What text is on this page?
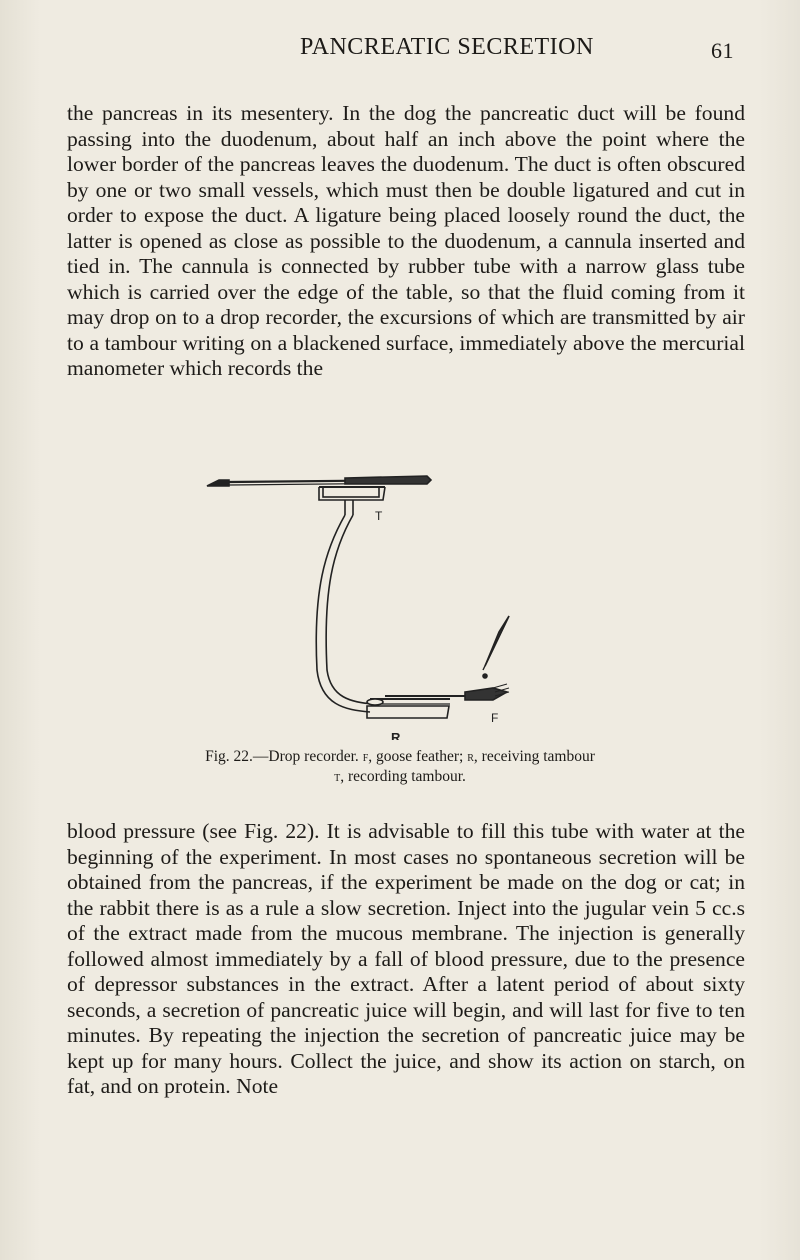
PANCREATIC SECRETION	61

the pancreas in its mesentery. In the dog the pancreatic duct will be found passing into the duodenum, about half an inch above the point where the lower border of the pancreas leaves the duodenum. The duct is often obscured by one or two small vessels, which must then be double ligatured and cut in order to expose the duct. A ligature being placed loosely round the duct, the latter is opened as close as possible to the duodenum, a cannula inserted and tied in. The cannula is connected by rubber tube with a narrow glass tube which is carried over the edge of the table, so that the fluid coming from it may drop on to a drop recorder, the excursions of which are transmitted by air to a tambour writing on a blackened surface, immediately above the mercurial manometer which records the

T
R
F
Fig. 22.—Drop recorder. f, goose feather; r, receiving tambour
t, recording tambour.

blood pressure (see Fig. 22). It is advisable to fill this tube with water at the beginning of the experiment. In most cases no spontaneous secretion will be obtained from the pancreas, if the experiment be made on the dog or cat; in the rabbit there is as a rule a slow secretion. Inject into the jugular vein 5 cc.s of the extract made from the mucous membrane. The injection is generally followed almost immediately by a fall of blood pressure, due to the presence of depressor substances in the extract. After a latent period of about sixty seconds, a secretion of pancreatic juice will begin, and will last for five to ten minutes. By repeating the injection the secretion of pancreatic juice may be kept up for many hours. Collect the juice, and show its action on starch, on fat, and on protein. Note
